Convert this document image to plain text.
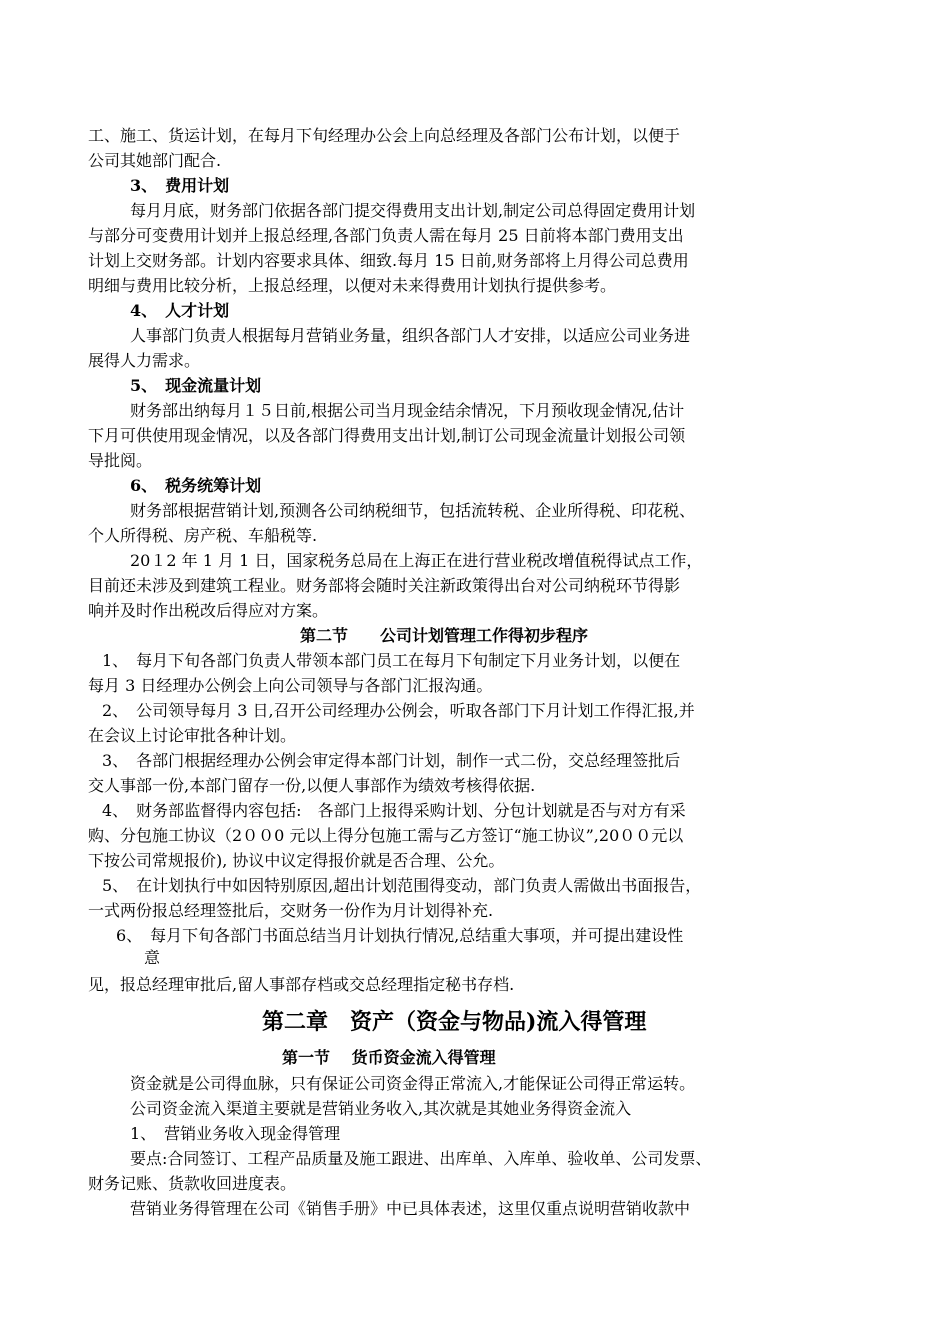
工、施工、货运计划，在每月下旬经理办公会上向总经理及各部门公布计划，以便于
公司其她部门配合.
3、　费用计划
每月月底，财务部门依据各部门提交得费用支出计划,制定公司总得固定费用计划
与部分可变费用计划并上报总经理,各部门负责人需在每月 25 日前将本部门费用支出
计划上交财务部。计划内容要求具体、细致.每月 15 日前,财务部将上月得公司总费用
明细与费用比较分析，上报总经理，以便对未来得费用计划执行提供参考。
4、　人才计划
人事部门负责人根据每月营销业务量，组织各部门人才安排，以适应公司业务进
展得人力需求。
5、　现金流量计划
财务部出纳每月１５日前,根据公司当月现金结余情况，下月预收现金情况,估计
下月可供使用现金情况，以及各部门得费用支出计划,制订公司现金流量计划报公司领
导批阅。
6、　税务统筹计划
财务部根据营销计划,预测各公司纳税细节，包括流转税、企业所得税、印花税、
个人所得税、房产税、车船税等.
20１2 年 1 月 1 日，国家税务总局在上海正在进行营业税改增值税得试点工作，
目前还未涉及到建筑工程业。财务部将会随时关注新政策得出台对公司纳税环节得影
响并及时作出税改后得应对方案。
第二节　　公司计划管理工作得初步程序
1、　每月下旬各部门负责人带领本部门员工在每月下旬制定下月业务计划，以便在
每月 3 日经理办公例会上向公司领导与各部门汇报沟通。
2、　公司领导每月 3 日,召开公司经理办公例会，听取各部门下月计划工作得汇报,并
在会议上讨论审批各种计划。
3、　各部门根据经理办公例会审定得本部门计划，制作一式二份，交总经理签批后
交人事部一份,本部门留存一份,以便人事部作为绩效考核得依据.
4、　财务部监督得内容包括:　各部门上报得采购计划、分包计划就是否与对方有采
购、分包施工协议（2００0 元以上得分包施工需与乙方签订“施工协议”,20００元以
下按公司常规报价), 协议中议定得报价就是否合理、公允。
5、　在计划执行中如因特别原因,超出计划范围得变动，部门负责人需做出书面报告，
一式两份报总经理签批后，交财务一份作为月计划得补充.
6、　每月下旬各部门书面总结当月计划执行情况,总结重大事项，并可提出建设性
意
见，报总经理审批后,留人事部存档或交总经理指定秘书存档.
第二章　资产（资金与物品)流入得管理
第一节　 货币资金流入得管理
资金就是公司得血脉，只有保证公司资金得正常流入,才能保证公司得正常运转。
公司资金流入渠道主要就是营销业务收入,其次就是其她业务得资金流入
1、　营销业务收入现金得管理
要点:合同签订、工程产品质量及施工跟进、出库单、入库单、验收单、公司发票、
财务记账、货款收回进度表。
营销业务得管理在公司《销售手册》中已具体表述，这里仅重点说明营销收款中
